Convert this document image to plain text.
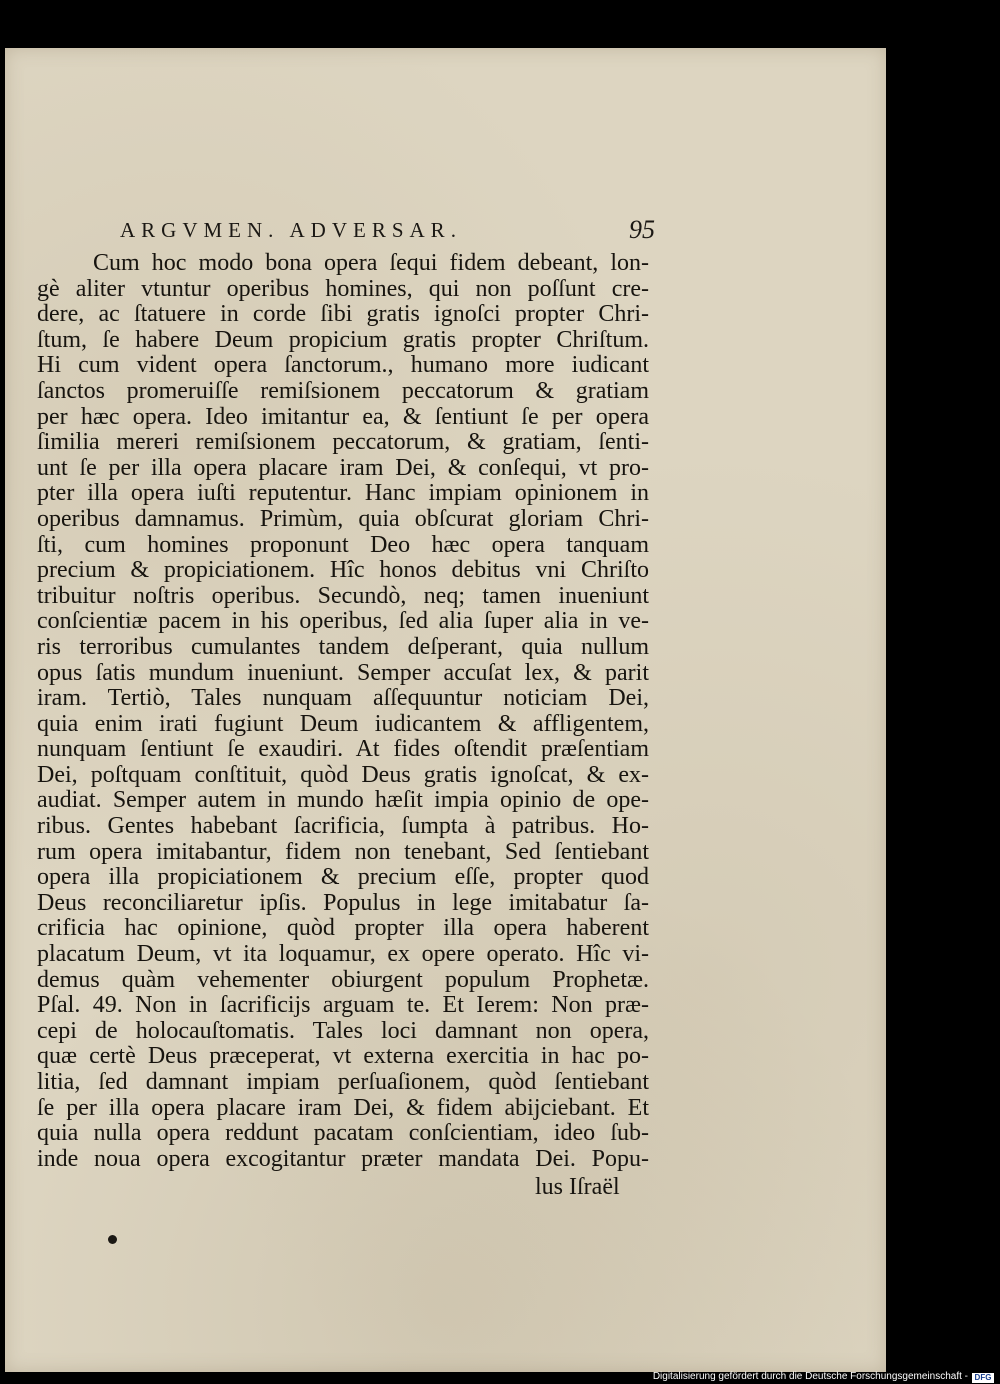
ARGVMEN. ADVERSAR.	95
Cum hoc modo bona opera ſequi fidem debeant, lon-
gè aliter vtuntur operibus homines, qui non poſſunt cre-
dere, ac ſtatuere in corde ſibi gratis ignoſci propter Chri-
ſtum, ſe habere Deum propicium gratis propter Chriſtum.
Hi cum vident opera ſanctorum., humano more iudicant
ſanctos promeruiſſe remiſsionem peccatorum & gratiam
per hæc opera. Ideo imitantur ea, & ſentiunt ſe per opera
ſimilia mereri remiſsionem peccatorum, & gratiam, ſenti-
unt ſe per illa opera placare iram Dei, & conſequi, vt pro-
pter illa opera iuſti reputentur. Hanc impiam opinionem in
operibus damnamus. Primùm, quia obſcurat gloriam Chri-
ſti, cum homines proponunt Deo hæc opera tanquam
precium & propiciationem. Hîc honos debitus vni Chriſto
tribuitur noſtris operibus. Secundò, neq; tamen inueniunt
conſcientiæ pacem in his operibus, ſed alia ſuper alia in ve-
ris terroribus cumulantes tandem deſperant, quia nullum
opus ſatis mundum inueniunt. Semper accuſat lex, & parit
iram. Tertiò, Tales nunquam aſſequuntur noticiam Dei,
quia enim irati fugiunt Deum iudicantem & affligentem,
nunquam ſentiunt ſe exaudiri. At fides oſtendit præſentiam
Dei, poſtquam conſtituit, quòd Deus gratis ignoſcat, & ex-
audiat. Semper autem in mundo hæſit impia opinio de ope-
ribus. Gentes habebant ſacrificia, ſumpta à patribus. Ho-
rum opera imitabantur, fidem non tenebant, Sed ſentiebant
opera illa propiciationem & precium eſſe, propter quod
Deus reconciliaretur ipſis. Populus in lege imitabatur ſa-
crificia hac opinione, quòd propter illa opera haberent
placatum Deum, vt ita loquamur, ex opere operato. Hîc vi-
demus quàm vehementer obiurgent populum Prophetæ.
Pſal. 49. Non in ſacrificijs arguam te. Et Ierem: Non præ-
cepi de holocauſtomatis. Tales loci damnant non opera,
quæ certè Deus præceperat, vt externa exercitia in hac po-
litia, ſed damnant impiam perſuaſionem, quòd ſentiebant
ſe per illa opera placare iram Dei, & fidem abijciebant. Et
quia nulla opera reddunt pacatam conſcientiam, ideo ſub-
inde noua opera excogitantur præter mandata Dei. Popu-
lus Iſraël
Digitalisierung gefördert durch die Deutsche Forschungsgemeinschaft - DFG
